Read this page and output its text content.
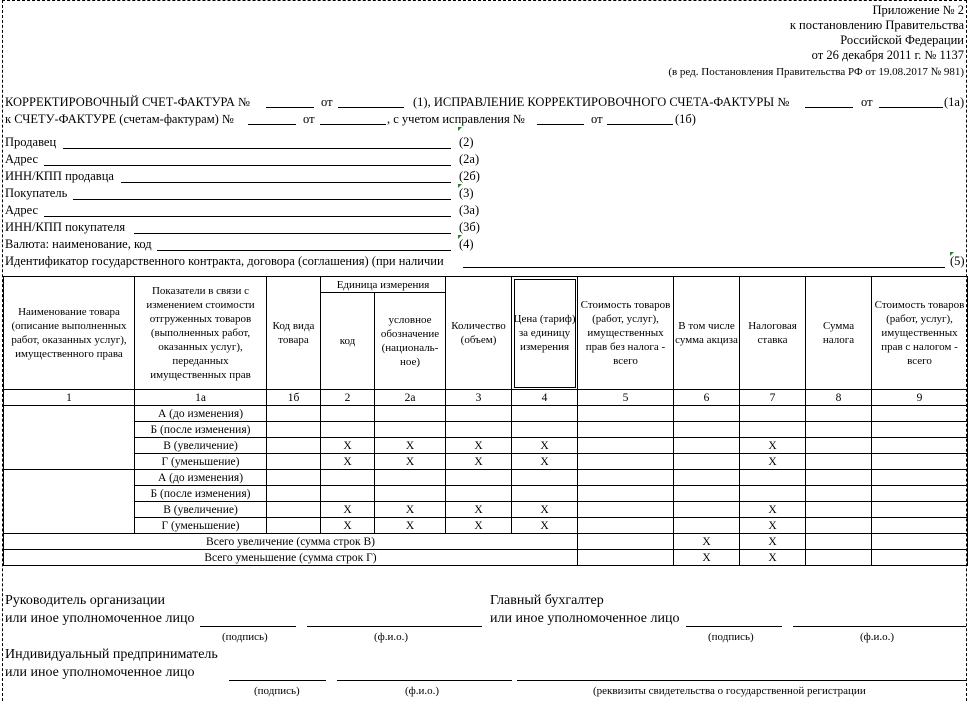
Приложение № 2
к постановлению Правительства
Российской Федерации
от 26 декабря 2011 г. № 1137
(в ред. Постановления Правительства РФ от 19.08.2017 № 981)
КОРРЕКТИРОВОЧНЫЙ СЧЕТ-ФАКТУРА №	от	(1), ИСПРАВЛЕНИЕ КОРРЕКТИРОВОЧНОГО СЧЕТА-ФАКТУРЫ №	от	(1а)
к СЧЕТУ-ФАКТУРЕ (счетам-фактурам) №	от	, с учетом исправления №	от	(1б)
Продавец	(2)
Адрес	(2а)
ИНН/КПП продавца	(2б)
Покупатель	(3)
Адрес	(3а)
ИНН/КПП покупателя	(3б)
Валюта: наименование, код	(4)
Идентификатор государственного контракта, договора (соглашения) (при наличии	(5)
Наименование товара (описание выполненных работ, оказанных услуг), имущественного права	Показатели в связи с изменением стоимости отгруженных товаров (выполненных работ, оказанных услуг), переданных имущественных прав	Код вида товара	Единица измерения		Количество (объем)	Цена (тариф) за единицу измерения	Стоимость товаров (работ, услуг), имущественных прав без налога - всего	В том числе сумма акциза	Налоговая ставка	Сумма налога	Стоимость товаров (работ, услуг), имущественных прав с налогом - всего
			код	условное обозначение (националь-ное)							
1	1а	1б	2	2а	3	4	5	6	7	8	9
	А (до изменения)										
	Б (после изменения)										
	В (увеличение)		X	X	X	X			X		
	Г (уменьшение)		X	X	X	X			X		
	А (до изменения)										
	Б (после изменения)										
	В (увеличение)		X	X	X	X			X		
	Г (уменьшение)		X	X	X	X			X		
Всего увеличение (сумма строк В)								X	X		
Всего уменьшение (сумма строк Г)								X	X		
Руководитель организации
или иное уполномоченное лицо
(подпись)	(ф.и.о.)
Главный бухгалтер
или иное уполномоченное лицо
(подпись)	(ф.и.о.)
Индивидуальный предприниматель
или иное уполномоченное лицо
(подпись)	(ф.и.о.)	(реквизиты свидетельства о государственной регистрации
